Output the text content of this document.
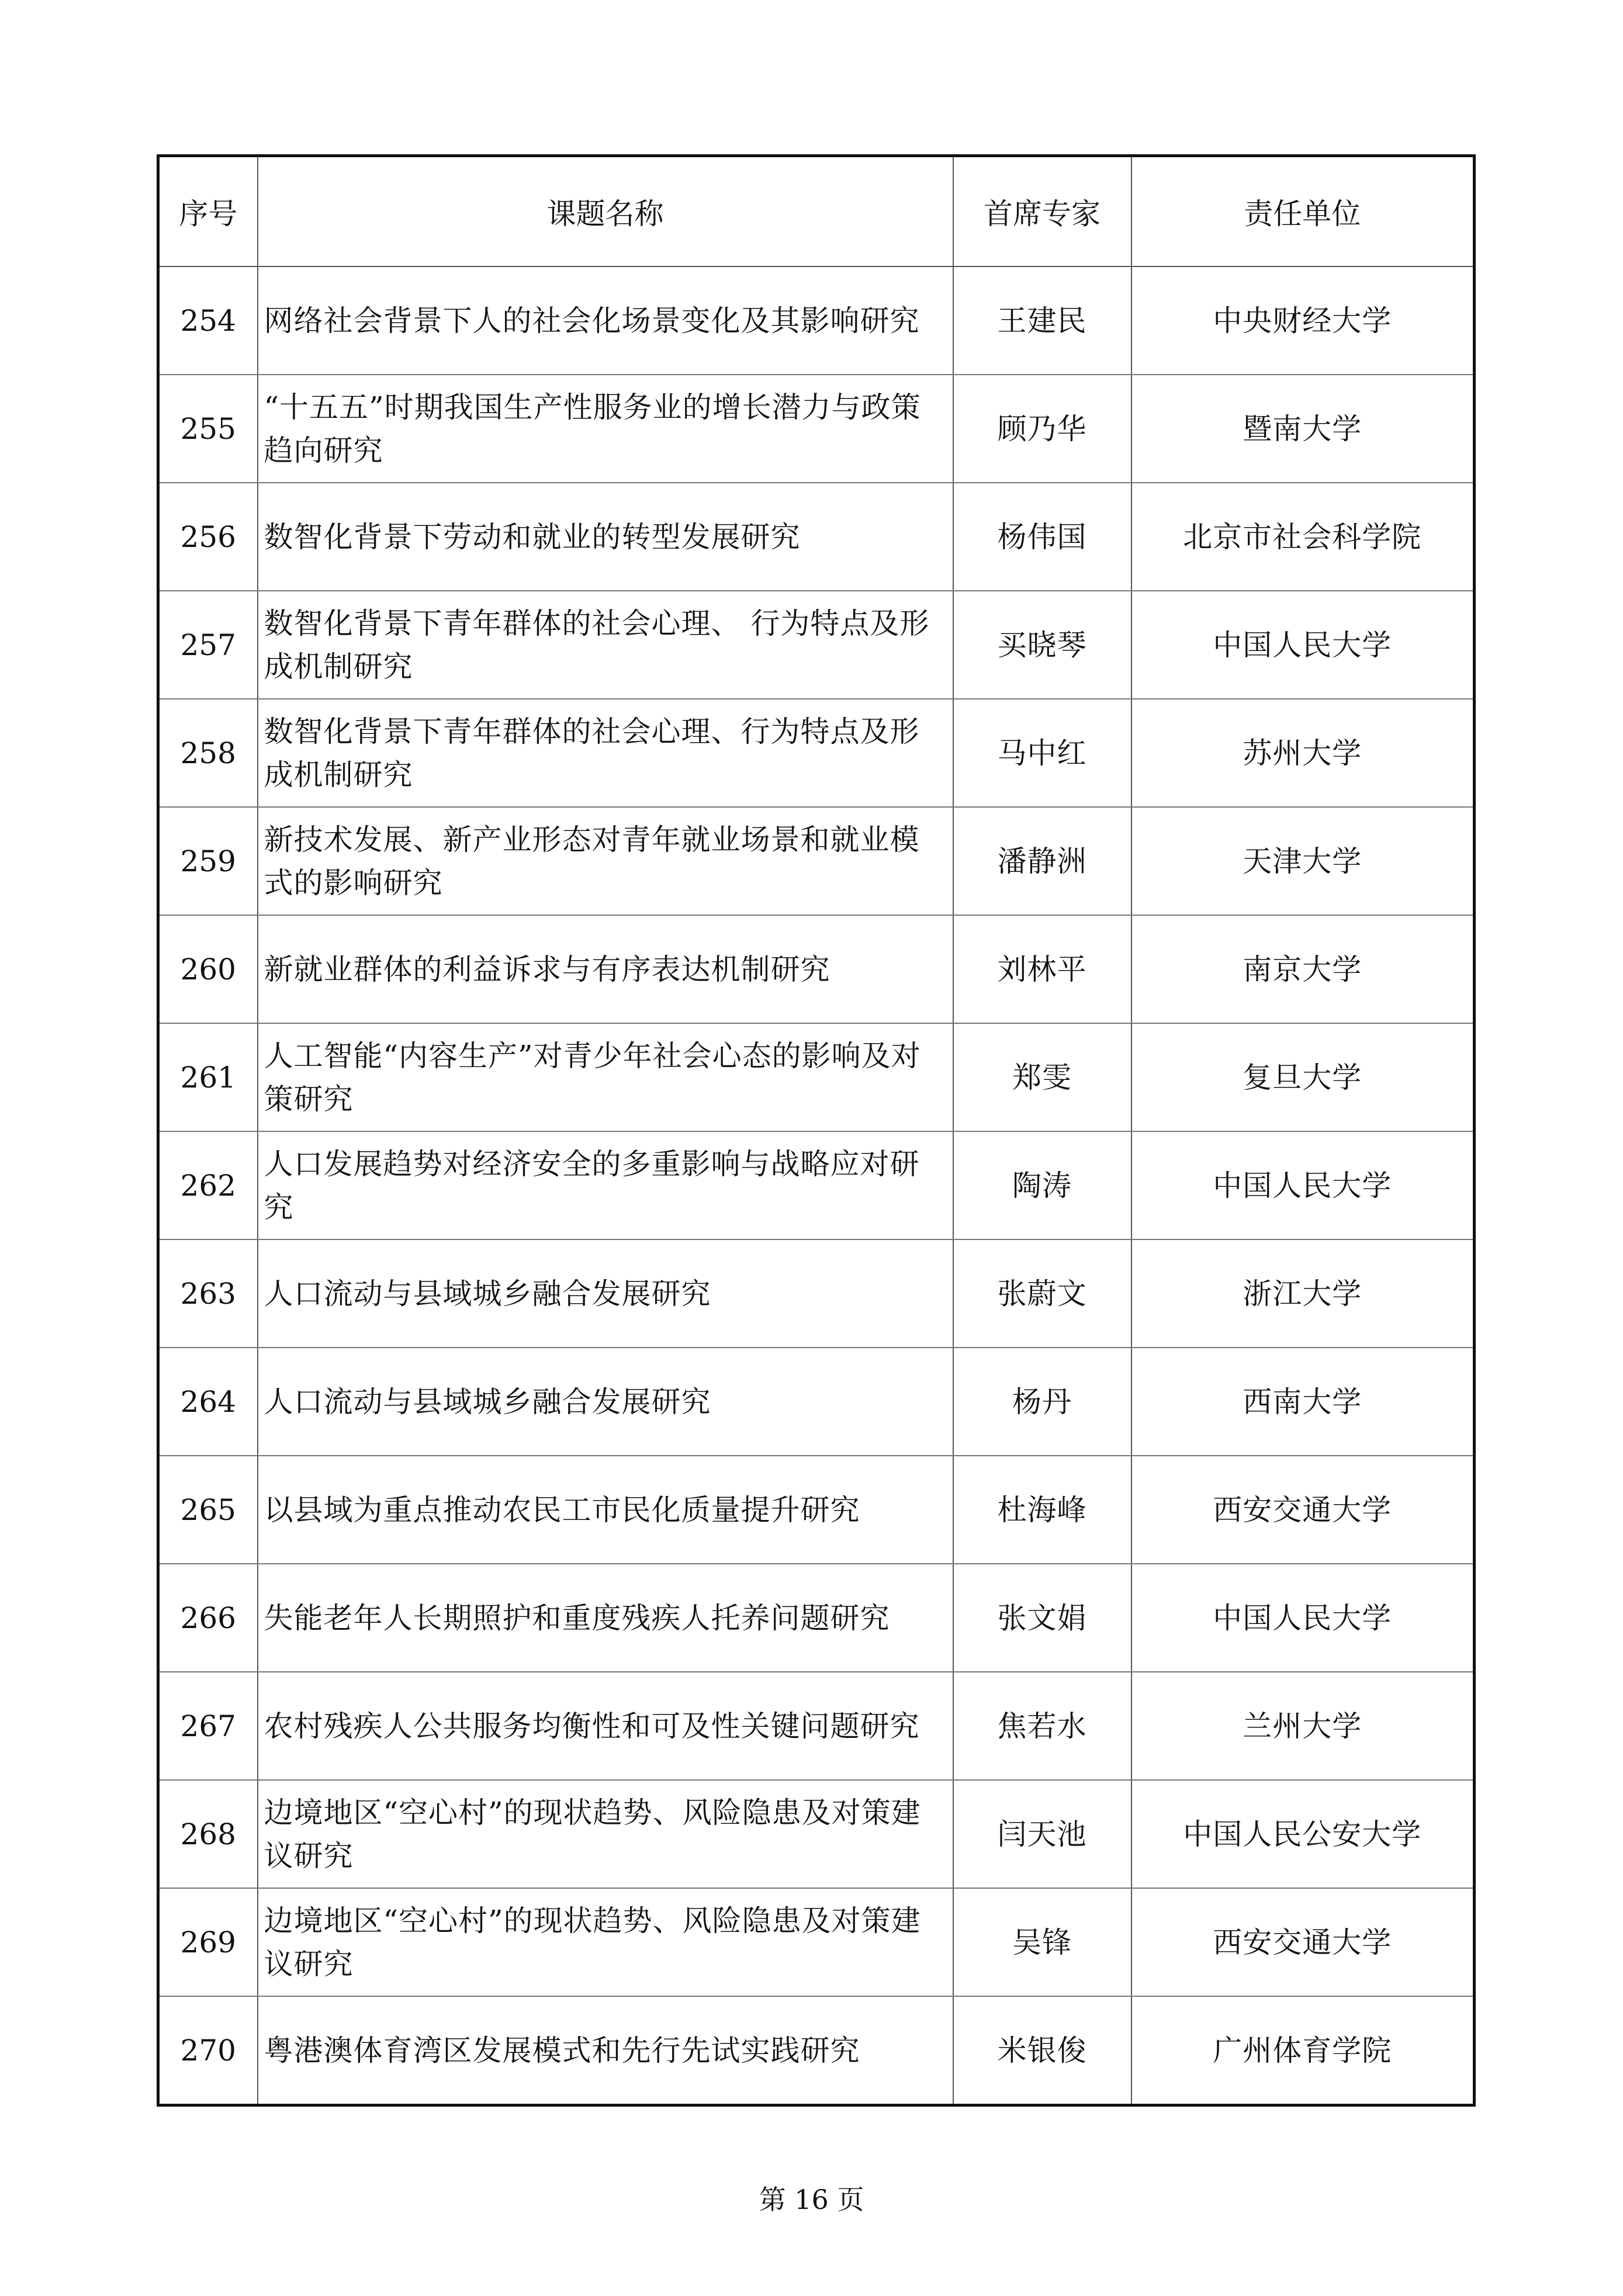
序号	课题名称	首席专家	责任单位
254	网络社会背景下人的社会化场景变化及其影响研究	王建民	中央财经大学
255	“十五五”时期我国生产性服务业的增长潜力与政策趋向研究	顾乃华	暨南大学
256	数智化背景下劳动和就业的转型发展研究	杨伟国	北京市社会科学院
257	数智化背景下青年群体的社会心理、 行为特点及形成机制研究	买晓琴	中国人民大学
258	数智化背景下青年群体的社会心理、行为特点及形成机制研究	马中红	苏州大学
259	新技术发展、新产业形态对青年就业场景和就业模式的影响研究	潘静洲	天津大学
260	新就业群体的利益诉求与有序表达机制研究	刘林平	南京大学
261	人工智能“内容生产”对青少年社会心态的影响及对策研究	郑雯	复旦大学
262	人口发展趋势对经济安全的多重影响与战略应对研究	陶涛	中国人民大学
263	人口流动与县域城乡融合发展研究	张蔚文	浙江大学
264	人口流动与县域城乡融合发展研究	杨丹	西南大学
265	以县域为重点推动农民工市民化质量提升研究	杜海峰	西安交通大学
266	失能老年人长期照护和重度残疾人托养问题研究	张文娟	中国人民大学
267	农村残疾人公共服务均衡性和可及性关键问题研究	焦若水	兰州大学
268	边境地区“空心村”的现状趋势、风险隐患及对策建议研究	闫天池	中国人民公安大学
269	边境地区“空心村”的现状趋势、风险隐患及对策建议研究	吴锋	西安交通大学
270	粤港澳体育湾区发展模式和先行先试实践研究	米银俊	广州体育学院
第 16 页
